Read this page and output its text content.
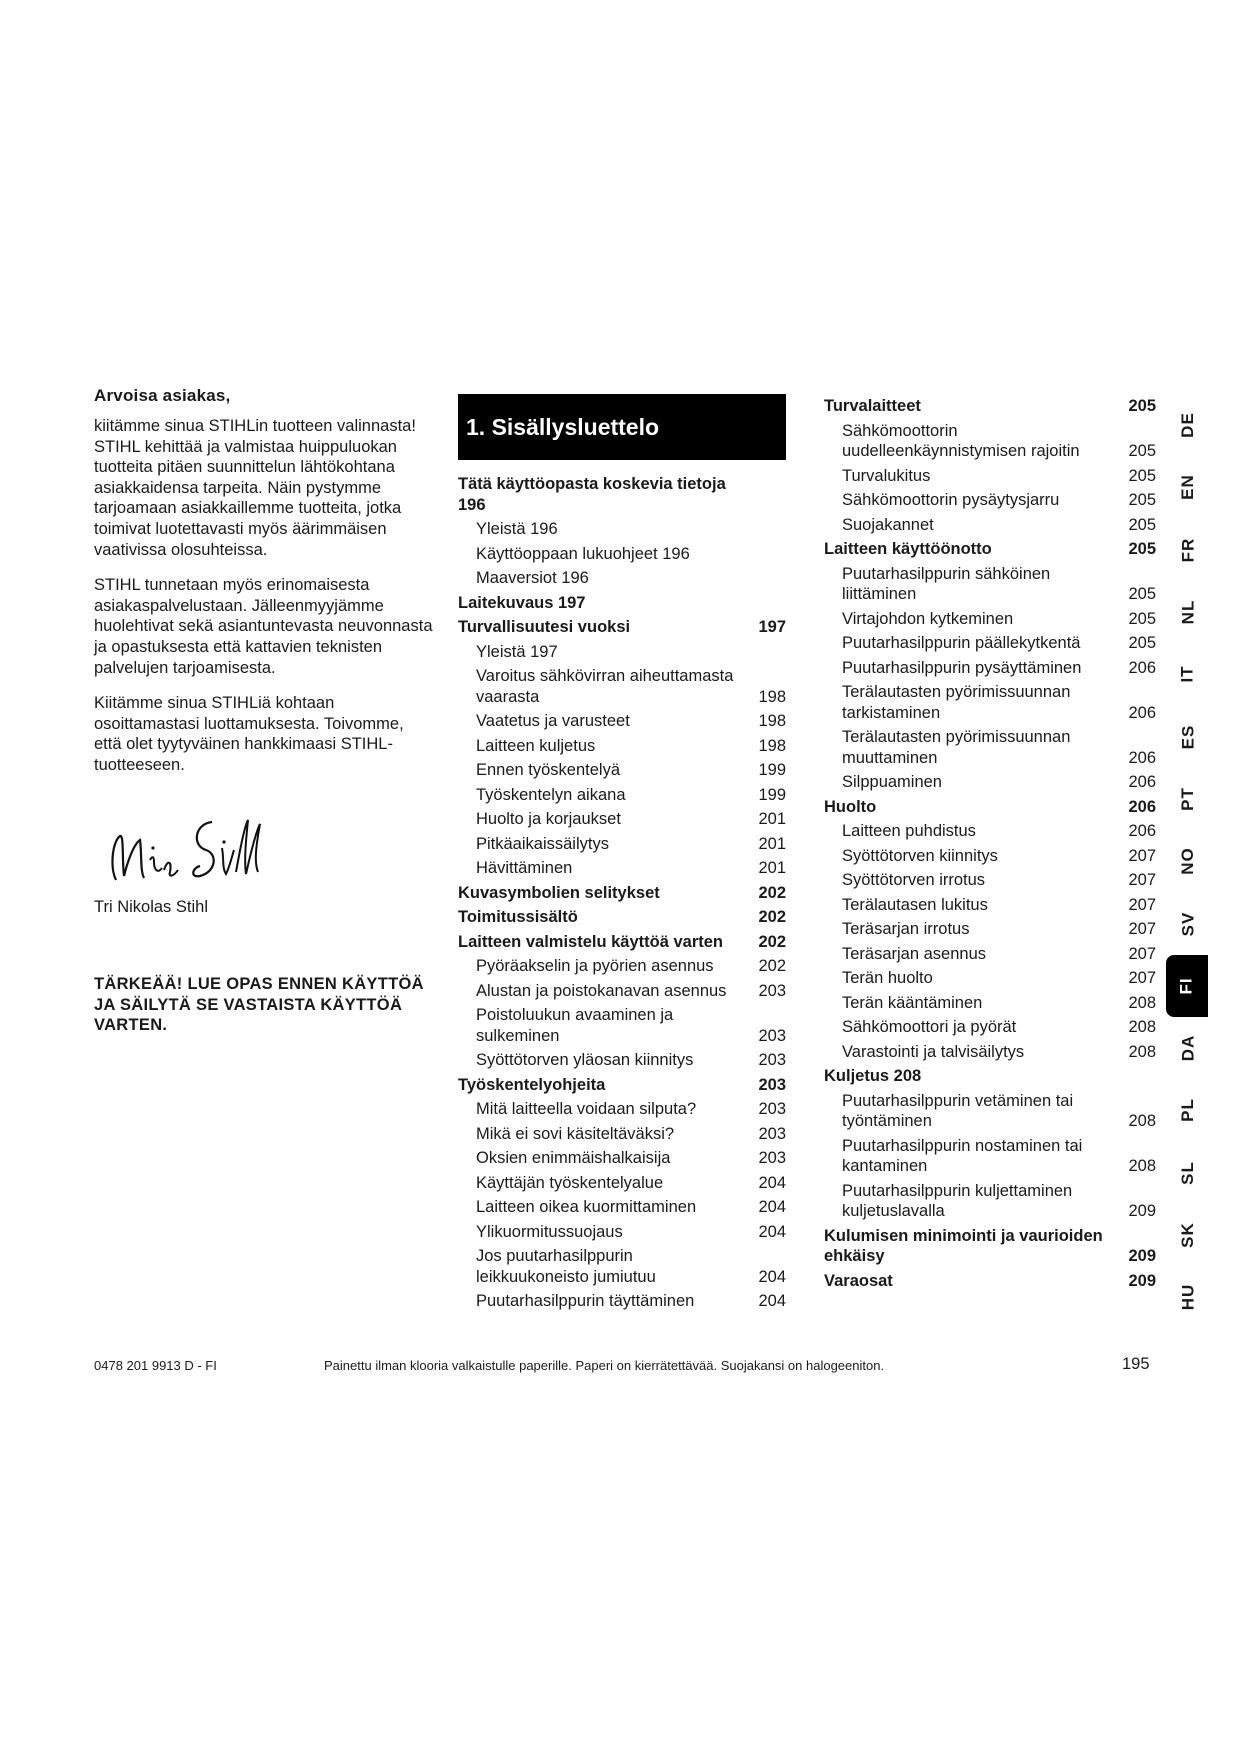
Arvoisa asiakas,

kiitämme sinua STIHLin tuotteen valinnasta! STIHL kehittää ja valmistaa huippuluokan tuotteita pitäen suunnittelun lähtökohtana asiakkaidensa tarpeita. Näin pystymme tarjoamaan asiakkaillemme tuotteita, jotka toimivat luotettavasti myös äärimmäisen vaativissa olosuhteissa.

STIHL tunnetaan myös erinomaisesta asiakaspalvelustaan. Jälleenmyyjämme huolehtivat sekä asiantuntevasta neuvonnasta ja opastuksesta että kattavien teknisten palvelujen tarjoamisesta.

Kiitämme sinua STIHLiä kohtaan osoittamastasi luottamuksesta. Toivomme, että olet tyytyväinen hankkimaasi STIHL-tuotteeseen.

Tri Nikolas Stihl
TÄRKEÄÄ! LUE OPAS ENNEN KÄYTTÖÄ JA SÄILYTÄ SE VASTAISTA KÄYTTÖÄ VARTEN.
1. Sisällysluettelo
Tätä käyttöopasta koskevia tietoja 196
Yleistä 196
Käyttöoppaan lukuohjeet 196
Maaversiot 196
Laitekuvaus 197
Turvallisuutesi vuoksi	197
Yleistä 197
Varoitus sähkövirran aiheuttamasta vaarasta	198
Vaatetus ja varusteet	198
Laitteen kuljetus	198
Ennen työskentelyä	199
Työskentelyn aikana	199
Huolto ja korjaukset	201
Pitkäaikaissäilytys	201
Hävittäminen	201
Kuvasymbolien selitykset	202
Toimitussisältö	202
Laitteen valmistelu käyttöä varten	202
Pyöräakselin ja pyörien asennus	202
Alustan ja poistokanavan asennus	203
Poistoluukun avaaminen ja sulkeminen	203
Syöttötorven yläosan kiinnitys	203
Työskentelyohjeita	203
Mitä laitteella voidaan silputa?	203
Mikä ei sovi käsiteltäväksi?	203
Oksien enimmäishalkaisija	203
Käyttäjän työskentelyalue	204
Laitteen oikea kuormittaminen	204
Ylikuormitussuojaus	204
Jos puutarhasilppurin leikkuukoneisto jumiutuu	204
Puutarhasilppurin täyttäminen	204
Turvalaitteet	205
Sähkömoottorin uudelleenkäynnistymisen rajoitin	205
Turvalukitus	205
Sähkömoottorin pysäytysjarru	205
Suojakannet	205
Laitteen käyttöönotto	205
Puutarhasilppurin sähköinen liittäminen	205
Virtajohdon kytkeminen	205
Puutarhasilppurin päällekytkentä	205
Puutarhasilppurin pysäyttäminen	206
Terälautasten pyörimissuunnan tarkistaminen	206
Terälautasten pyörimissuunnan muuttaminen	206
Silppuaminen	206
Huolto	206
Laitteen puhdistus	206
Syöttötorven kiinnitys	207
Syöttötorven irrotus	207
Terälautasen lukitus	207
Teräsarjan irrotus	207
Teräsarjan asennus	207
Terän huolto	207
Terän kääntäminen	208
Sähkömoottori ja pyörät	208
Varastointi ja talvisäilytys	208
Kuljetus 208
Puutarhasilppurin vetäminen tai työntäminen	208
Puutarhasilppurin nostaminen tai kantaminen	208
Puutarhasilppurin kuljettaminen kuljetuslavalla	209
Kulumisen minimointi ja vaurioiden ehkäisy	209
Varaosat	209
DE
EN
FR
NL
IT
ES
PT
NO
SV
FI
DA
PL
SL
SK
HU
0478 201 9913 D - FI	Painettu ilman klooria valkaistulle paperille. Paperi on kierrätettävää. Suojakansi on halogeeniton.	195
